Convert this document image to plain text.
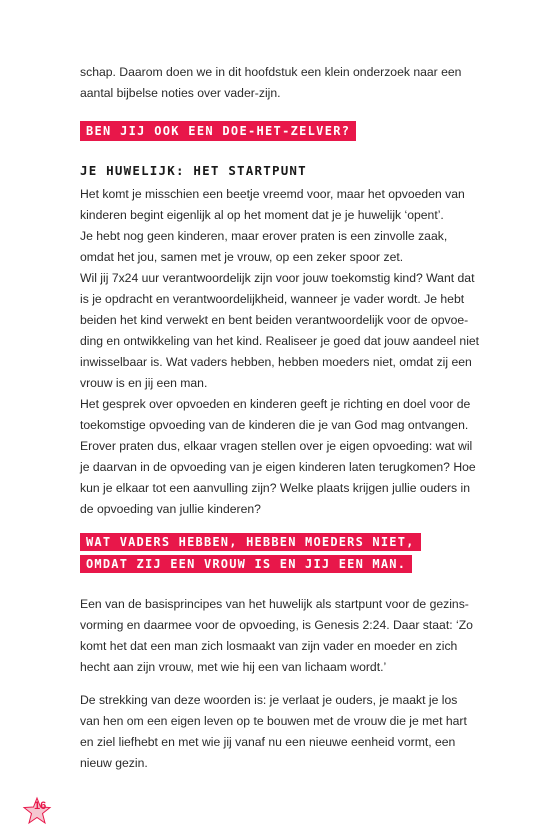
schap. Daarom doen we in dit hoofdstuk een klein onderzoek naar een aantal bijbelse noties over vader-zijn.

BEN JIJ OOK EEN DOE-HET-ZELVER?
JE HUWELIJK: HET STARTPUNT

Het komt je misschien een beetje vreemd voor, maar het opvoeden van kinderen begint eigenlijk al op het moment dat je je huwelijk ‘opent’.

Je hebt nog geen kinderen, maar erover praten is een zinvolle zaak, omdat het jou, samen met je vrouw, op een zeker spoor zet.

Wil jij 7x24 uur verantwoordelijk zijn voor jouw toekomstig kind? Want dat is je opdracht en verantwoordelijkheid, wanneer je vader wordt. Je hebt beiden het kind verwekt en bent beiden verantwoordelijk voor de opvoe-ding en ontwikkeling van het kind. Realiseer je goed dat jouw aandeel niet inwisselbaar is. Wat vaders hebben, hebben moeders niet, omdat zij een vrouw is en jij een man.

Het gesprek over opvoeden en kinderen geeft je richting en doel voor de toekomstige opvoeding van de kinderen die je van God mag ontvangen. Erover praten dus, elkaar vragen stellen over je eigen opvoeding: wat wil je daarvan in de opvoeding van je eigen kinderen laten terugkomen? Hoe kun je elkaar tot een aanvulling zijn? Welke plaats krijgen jullie ouders in de opvoeding van jullie kinderen?

WAT VADERS HEBBEN, HEBBEN MOEDERS NIET, OMDAT ZIJ EEN VROUW IS EN JIJ EEN MAN.

Een van de basisprincipes van het huwelijk als startpunt voor de gezins-vorming en daarmee voor de opvoeding, is Genesis 2:24. Daar staat: ‘Zo komt het dat een man zich losmaakt van zijn vader en moeder en zich hecht aan zijn vrouw, met wie hij een van lichaam wordt.’

De strekking van deze woorden is: je verlaat je ouders, je maakt je los van hen om een eigen leven op te bouwen met de vrouw die je met hart en ziel liefhebt en met wie jij vanaf nu een nieuwe eenheid vormt, een nieuw gezin.

16
